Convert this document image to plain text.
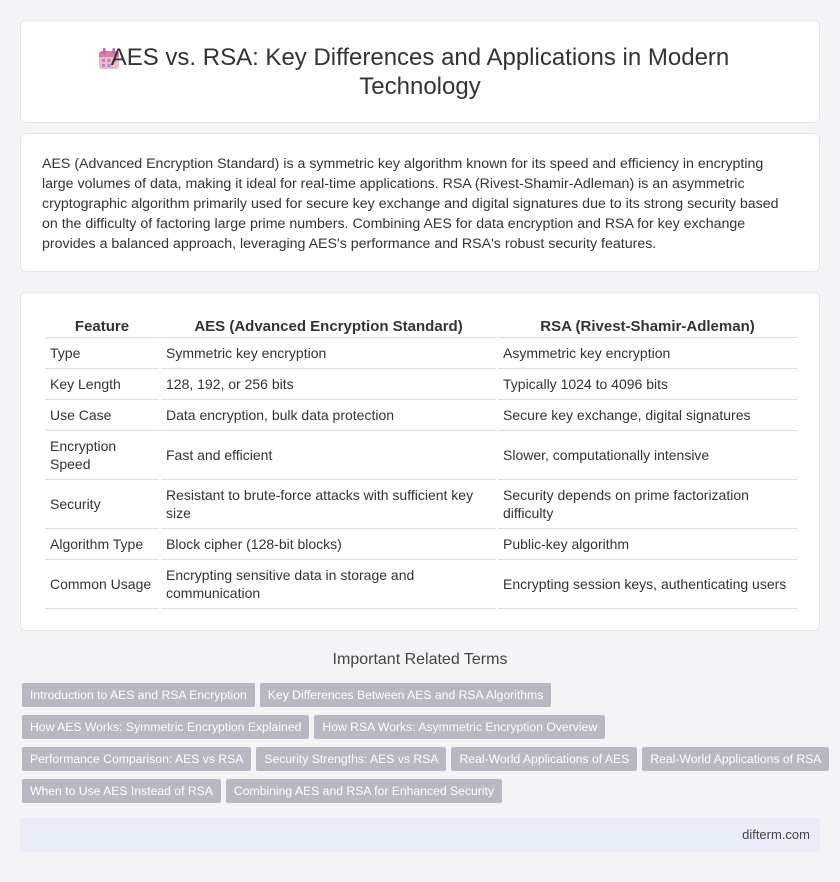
AES vs. RSA: Key Differences and Applications in Modern
Technology

AES (Advanced Encryption Standard) is a symmetric key algorithm known for its speed and efficiency in encrypting large volumes of data, making it ideal for real-time applications. RSA (Rivest-Shamir-Adleman) is an asymmetric cryptographic algorithm primarily used for secure key exchange and digital signatures due to its strong security based on the difficulty of factoring large prime numbers. Combining AES for data encryption and RSA for key exchange provides a balanced approach, leveraging AES's performance and RSA's robust security features.

Feature	AES (Advanced Encryption Standard)	RSA (Rivest-Shamir-Adleman)
Type	Symmetric key encryption	Asymmetric key encryption
Key Length	128, 192, or 256 bits	Typically 1024 to 4096 bits
Use Case	Data encryption, bulk data protection	Secure key exchange, digital signatures
Encryption Speed	Fast and efficient	Slower, computationally intensive
Security	Resistant to brute-force attacks with sufficient key size	Security depends on prime factorization difficulty
Algorithm Type	Block cipher (128-bit blocks)	Public-key algorithm
Common Usage	Encrypting sensitive data in storage and communication	Encrypting session keys, authenticating users
Important Related Terms
Introduction to AES and RSA Encryption Key Differences Between AES and RSA Algorithms
How AES Works: Symmetric Encryption Explained How RSA Works: Asymmetric Encryption Overview
Performance Comparison: AES vs RSA Security Strengths: AES vs RSA Real-World Applications of AES Real-World Applications of RSA
When to Use AES Instead of RSA Combining AES and RSA for Enhanced Security
difterm.com
